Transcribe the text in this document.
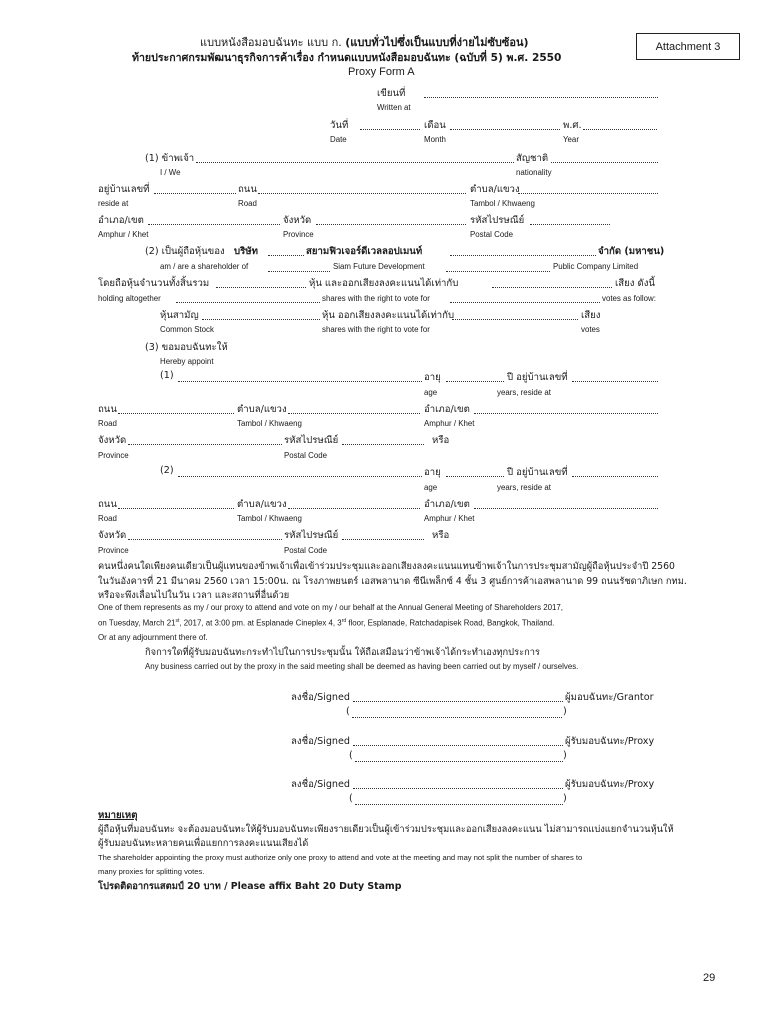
แบบหนังสือมอบฉันทะ แบบ ก. (แบบทั่วไปซึ่งเป็นแบบที่ง่ายไม่ซับซ้อน)
ท้ายประกาศกรมพัฒนาธุรกิจการค้าเรื่อง กำหนดแบบหนังสือมอบฉันทะ (ฉบับที่ 5) พ.ศ. 2550
Proxy Form A
Attachment 3
เขียนที่
Written at
วันที่	เดือน	พ.ศ.
Date	Month	Year
(1) ข้าพเจ้า	สัญชาติ
I / We	nationality
อยู่บ้านเลขที่	ถนน	ตำบล/แขวง
reside at	Road	Tambol / Khwaeng
อำเภอ/เขต	จังหวัด	รหัสไปรษณีย์
Amphur / Khet	Province	Postal Code
(2) เป็นผู้ถือหุ้นของ บริษัท	สยามฟิวเจอร์ดีเวลลอปเมนท์	จำกัด (มหาชน)
am / are a shareholder of	Siam Future Development	Public Company Limited
โดยถือหุ้นจำนวนทั้งสิ้นรวม	หุ้น และออกเสียงลงคะแนนได้เท่ากับ	เสียง ดังนี้
holding altogether	shares with the right to vote for	votes as follow:
หุ้นสามัญ	หุ้น ออกเสียงลงคะแนนได้เท่ากับ	เสียง
Common Stock	shares with the right to vote for	votes
(3) ขอมอบฉันทะให้
Hereby appoint
(1)	อายุ	ปี อยู่บ้านเลขที่
age	years, reside at
ถนน	ตำบล/แขวง	อำเภอ/เขต
Road	Tambol / Khwaeng	Amphur / Khet
จังหวัด	รหัสไปรษณีย์	หรือ
Province	Postal Code
(2)	อายุ	ปี อยู่บ้านเลขที่
age	years, reside at
ถนน	ตำบล/แขวง	อำเภอ/เขต
Road	Tambol / Khwaeng	Amphur / Khet
จังหวัด	รหัสไปรษณีย์	หรือ
Province	Postal Code
คนหนึ่งคนใดเพียงคนเดียวเป็นผู้แทนของข้าพเจ้าเพื่อเข้าร่วมประชุมและออกเสียงลงคะแนนแทนข้าพเจ้าในการประชุมสามัญผู้ถือหุ้นประจำปี 2560
ในวันอังคารที่ 21 มีนาคม 2560 เวลา 15:00น. ณ โรงภาพยนตร์ เอสพลานาด ซีนีเพล็กซ์ 4 ชั้น 3 ศูนย์การค้าเอสพลานาด 99 ถนนรัชดาภิเษก กทม.
หรือจะพึงเลื่อนไปในวัน เวลา และสถานที่อื่นด้วย
One of them represents as my / our proxy to attend and vote on my / our behalf at the Annual General Meeting of Shareholders 2017,
on Tuesday, March 21st, 2017, at 3:00 pm. at Esplanade Cineplex 4, 3rd floor, Esplanade, Ratchadapisek Road, Bangkok, Thailand.
Or at any adjournment there of.
กิจการใดที่ผู้รับมอบฉันทะกระทำไปในการประชุมนั้น ให้ถือเสมือนว่าข้าพเจ้าได้กระทำเองทุกประการ
Any business carried out by the proxy in the said meeting shall be deemed as having been carried out by myself / ourselves.
ลงชื่อ/Signed	ผู้มอบฉันทะ/Grantor
(	)
ลงชื่อ/Signed	ผู้รับมอบฉันทะ/Proxy
(	)
ลงชื่อ/Signed	ผู้รับมอบฉันทะ/Proxy
(	)
หมายเหตุ
ผู้ถือหุ้นที่มอบฉันทะ จะต้องมอบฉันทะให้ผู้รับมอบฉันทะเพียงรายเดียวเป็นผู้เข้าร่วมประชุมและออกเสียงลงคะแนน ไม่สามารถแบ่งแยกจำนวนหุ้นให้
ผู้รับมอบฉันทะหลายคนเพื่อแยกการลงคะแนนเสียงได้
The shareholder appointing the proxy must authorize only one proxy to attend and vote at the meeting and may not split the number of shares to
many proxies for splitting votes.
โปรดติดอากรแสตมป์ 20 บาท / Please affix Baht 20 Duty Stamp
29
